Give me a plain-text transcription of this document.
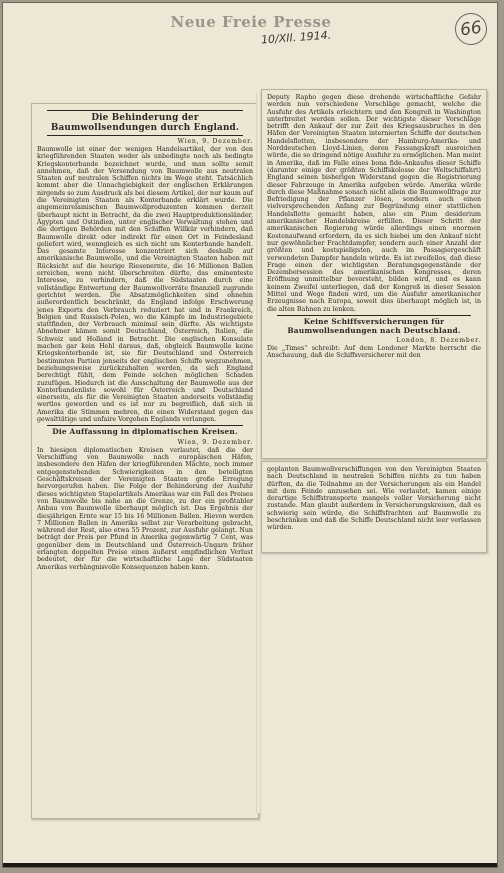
Neue Freie Presse
10/XII. 1914.	66
Die Behinderung der Baumwollsendungen durch England.
Wien, 9. Dezember.

Baumwolle ist einer der wenigen Handelsartikel, der von den kriegführenden Staaten weder als unbedingte noch als bedingte Kriegskonterbande bezeichnet wurde, und man sollte somit annehmen, daß der Versendung von Baumwolle aus neutralen Staaten auf neutralen Schiffen nichts im Wege steht. Tatsächlich kommt aber die Unnachgiebigkeit der englischen Erklärungen nirgends so zum Ausdruck als bei diesem Artikel, der nur kaum auf die Vereinigten Staaten als Konterbande erklärt wurde. Die angemeinrelamischen Baumwollproduzenten kommen derzeit überhaupt nicht in Betracht, da die zwei Hauptproduktionsländer, Ägypten und Ostindien, unter englischer Verwaltung stehen und die dortigen Behörden mit den Schiffen Willkür verhindern, daß Baumwolle direkt oder indirekt für einen Ort in Feindesland geliefert wird, wenngleich es sich nicht um Konterbande handelt. Das gesamte Interesse konzentriert sich deshalb auf amerikanische Baumwolle, und die Vereinigten Staaten haben mit Rücksicht auf die heurige Riesenernte, die 16 Millionen Ballen erreichen, wenn nicht überschreiten dürfte, das eminenteste Interesse, zu verhindern, daß die Südstaaten durch eine vollständige Entwertung der Baumwollvorräte finanziell zugrunde gerichtet werden. Die Absatzmöglichkeiten sind ohnehin außerordentlich beschränkt, da England infolge Erschwerung jenes Exports den Verbrauch reduziert hat und in Frankreich, Belgien und Russisch-Polen, wo die Kämpfe im Industriegebiete stattfinden, der Verbrauch minimal sein dürfte. Als wichtigste Abnehmer kämen somit Deutschland, Österreich, Italien, die Schweiz und Holland in Betracht. Die englischen Konsulate machen gar kein Hehl daraus, daß, obgleich Baumwolle keine Kriegskonterbande ist, sie für Deutschland und Österreich bestimmten Partien jenseits der englischen Schiffe wegzunehmen, beziehungsweise zurückzuhalten werden, da sich England berechtigt fühlt, dem Feinde solchen möglichen Schaden zuzufügen. Hiedurch ist die Ausschaltung der Baumwolle aus der Konterbandenliste sowohl für Österreich und Deutschland einerseits, als für die Vereinigten Staaten anderseits vollständig wertlos geworden und es ist nur zu begreiflich, daß sich in Amerika die Stimmen mehren, die einen Widerstand gegen das gewalttätige und unfaire Vorgehen Englands verlangen.

Die Auffassung in diplomatischen Kreisen.
Wien, 9. Dezember.

In hiesigen diplomatischen Kreisen verlautet, daß die der Verschiffung von Baumwolle nach europäischen Häfen, insbesondere den Häfen der kriegführenden Mächte, noch immer entgegenstehenden Schwierigkeiten in den beteiligten Geschäftskreisen der Vereinigten Staaten große Erregung hervorgerufen haben. Die Folge der Behinderung der Ausfuhr dieses wichtigsten Stapelartikels Amerikas war ein Fall des Preises von Baumwolle bis nahe an die Grenze, zu der ein profitabler Anbau von Baumwolle überhaupt möglich ist. Das Ergebnis der diesjährigen Ernte war 15 bis 16 Millionen Ballen. Hievon werden 7 Millionen Ballen in Amerika selbst zur Verarbeitung gebracht, während der Rest, also etwa 55 Prozent, zur Ausfuhr gelangt. Nun beträgt der Preis per Pfund in Amerika gegenwärtig 7 Cent, was gegenüber dem in Deutschland und Österreich-Ungarn früher erlangten doppelten Preise einen äußerst empfindlichen Verlust bedeutet, der für die wirtschaftliche Lage der Südstaaten Amerikas verhängnisvolle Konsequenzen haben kann.

Deputy Rapho gegen diese drohende wirtschaftliche Gefahr werden nun verschiedene Vorschläge gemacht, welche die Ausfuhr des Artikels erleichtern und den Kongreß in Washington unterbreitet werden sollen. Der wichtigste dieser Vorschläge betrifft den Ankauf der zur Zeit des Kriegsausbruches in den Häfen der Vereinigten Staaten internierten Schiffe der deutschen Handelsflotten, insbesondere der Hamburg-Amerika- und Norddeutschen Lloyd-Linien, deren Fassungskraft ausreichen würde, die so dringend nötige Ausfuhr zu ermöglichen. Man meint in Amerika, daß im Falle eines bona fide-Ankaufes dieser Schiffe (darunter einige der größten Schiffskolosse der Weltschiffahrt) England seinen bisherigen Widerstand gegen die Registrierung dieser Fahrzeuge in Amerika aufgeben würde. Amerika würde durch diese Maßnahme sonach nicht allein die Baumwollfrage zur Befriedigung der Pflanzer lösen, sondern auch einen vielversprechenden Anfang zur Begründung einer stattlichen Handelsflotte gemacht haben, also ein Pium desiderium amerikanischer Handelskreise erfüllen. Dieser Schritt der amerikanischen Regierung würde allerdings einen enormen Kostenaufwand erfordern, da es sich hiebei um den Ankauf nicht nur gewöhnlicher Frachtdampfer, sondern auch einer Anzahl der größten und kostspieligsten, auch im Passagiergeschäft verwendeten Dampfer handeln würde. Es ist zweifellos, daß diese Frage einen der wichtigsten Beratungsgegenstände der Dezembersession des amerikanischen Kongresses, deren Eröffnung unmittelbar bevorsteht, bilden wird, und es kann keinem Zweifel unterliegen, daß der Kongreß in dieser Session Mittel und Wege finden wird, um die Ausfuhr amerikanischer Erzeugnisse nach Europa, soweit dies überhaupt möglich ist, in die alten Bahnen zu lenken.

Keine Schiffsversicherungen für Baumwollsendungen nach Deutschland.
London, 8. Dezember.

Die „Times“ schreibt: Auf dem Londoner Markte herrscht die Anschauung, daß die Schiffsversicherer mit den

geplanten Baumwollverschiffungen von den Vereinigten Staaten nach Deutschland in neutralen Schiffen nichts zu tun haben dürften, da die Teilnahme an der Versicherungen als ein Handel mit dem Feinde anzusehen sei. Wie verlautet, kamen einige derartige Schiffstransporte mangels voller Versicherung nicht zustande. Man glaubt außerdem in Versicherungskreisen, daß es schwierig sein würde, die Schiffsfrachten auf Baumwolle zu beschränken und daß die Schiffe Deutschland nicht leer verlassen würden.
